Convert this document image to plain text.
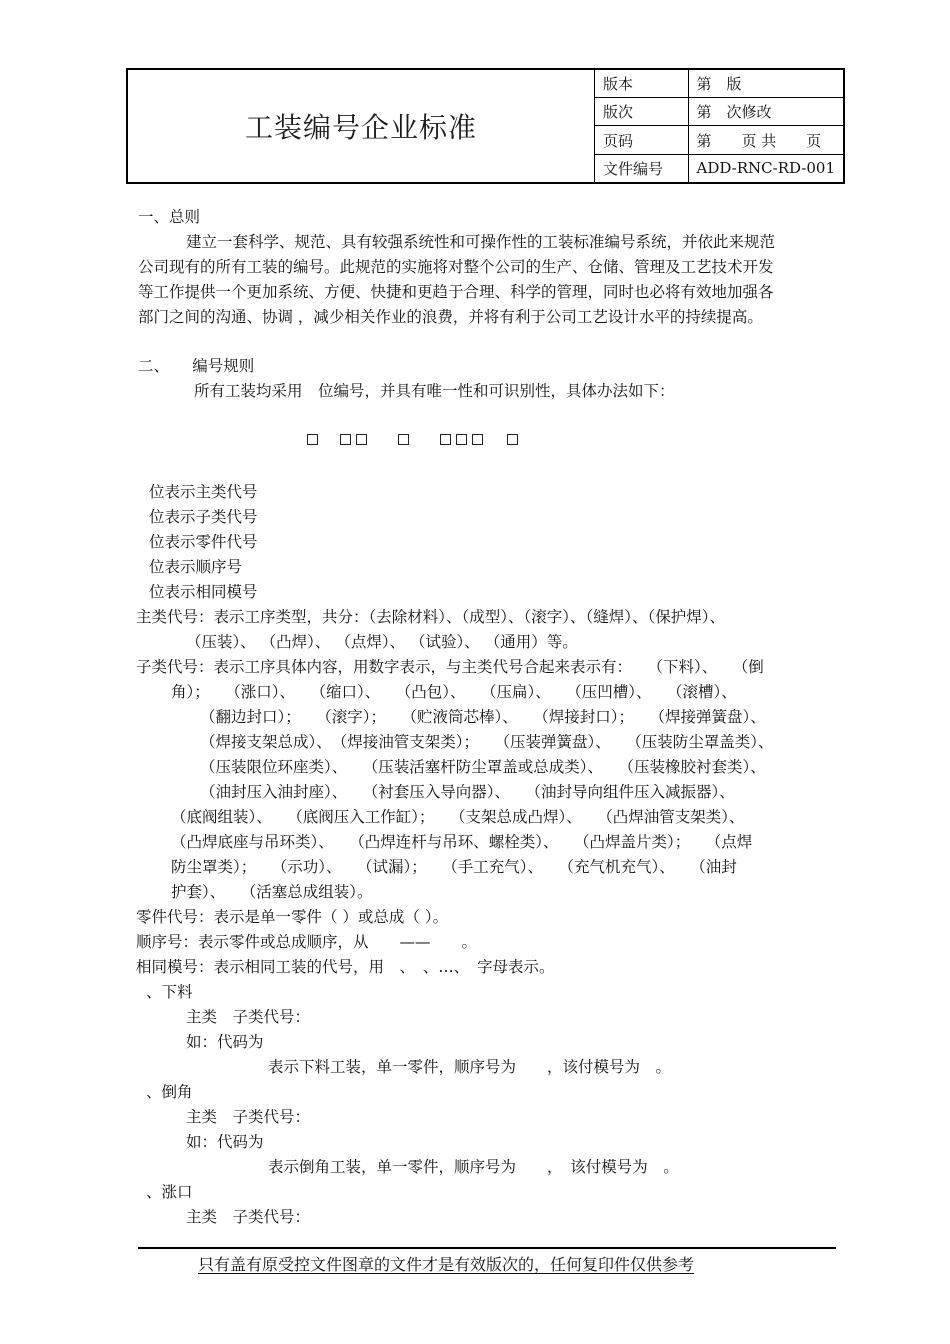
工装编号企业标准
版本	第　版
版次	第　次修改
页码	第　　页 共　　页
文件编号	ADD-RNC-RD-001
一、总则
建立一套科学、规范、具有较强系统性和可操作性的工装标准编号系统，并依此来规范
公司现有的所有工装的编号。此规范的实施将对整个公司的生产、仓储、管理及工艺技术开发
等工作提供一个更加系统、方便、快捷和更趋于合理、科学的管理，同时也必将有效地加强各
部门之间的沟通、协调 ，减少相关作业的浪费，并将有利于公司工艺设计水平的持续提高。
二、　　编号规则
所有工装均采用　位编号，并具有唯一性和可识别性，具体办法如下：
位表示主类代号
位表示子类代号
位表示零件代号
位表示顺序号
位表示相同模号
主类代号：表示工序类型，共分：（去除材料）、（成型）、（滚字）、（缝焊）、（保护焊）、
（压装）、 （凸焊）、 （点焊）、 （试验）、 （通用）等。
子类代号：表示工序具体内容，用数字表示，与主类代号合起来表示有：　　（下料）、　　（倒
角）；　　（涨口）、　　（缩口）、　　（凸包）、　　（压扁）、　　（压凹槽）、　　（滚槽）、
（翻边封口）；　　（滚字）；　　（贮液筒芯棒）、　　（焊接封口）；　　（焊接弹簧盘）、
（焊接支架总成）、　（焊接油管支架类）；　　（压装弹簧盘）、　　（压装防尘罩盖类）、
（压装限位环座类）、　　（压装活塞杆防尘罩盖或总成类）、　　（压装橡胶衬套类）、
（油封压入油封座）、　　（衬套压入导向器）、　　（油封导向组件压入减振器）、
（底阀组装）、　　（底阀压入工作缸）；　　（支架总成凸焊）、　　（凸焊油管支架类）、
（凸焊底座与吊环类）、　　（凸焊连杆与吊环、螺栓类）、　　（凸焊盖片类）；　　（点焊
防尘罩类）；　　（示功）、　　（试漏）；　　（手工充气）、　　（充气机充气）、　　（油封
护套）、　　（活塞总成组装）。
零件代号：表示是单一零件（ ）或总成（ ）。
顺序号：表示零件或总成顺序，从　　——　　。
相同模号：表示相同工装的代号，用　、　、…、　字母表示。
、下料
主类　子类代号：
如：代码为
表示下料工装，单一零件，顺序号为　　，该付模号为　。
、倒角
主类　子类代号：
如：代码为
表示倒角工装，单一零件，顺序号为　　，　该付模号为　。
、涨口
主类　子类代号：
只有盖有原受控文件图章的文件才是有效版次的，任何复印件仅供参考
